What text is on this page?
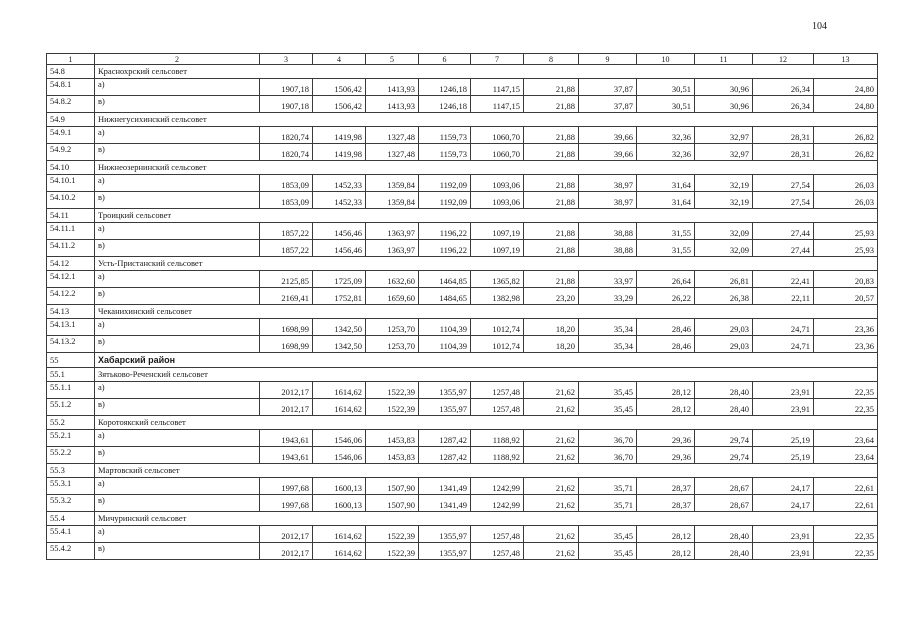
104
1	2	3	4	5	6	7	8	9	10	11	12	13
54.8	Краснохрский сельсовет											
54.8.1	а)	1907,18	1506,42	1413,93	1246,18	1147,15	21,88	37,87	30,51	30,96	26,34	24,80
54.8.2	в)	1907,18	1506,42	1413,93	1246,18	1147,15	21,88	37,87	30,51	30,96	26,34	24,80
54.9	Нижнегусихинский сельсовет											
54.9.1	а)	1820,74	1419,98	1327,48	1159,73	1060,70	21,88	39,66	32,36	32,97	28,31	26,82
54.9.2	в)	1820,74	1419,98	1327,48	1159,73	1060,70	21,88	39,66	32,36	32,97	28,31	26,82
54.10	Нижнеозернинский сельсовет											
54.10.1	а)	1853,09	1452,33	1359,84	1192,09	1093,06	21,88	38,97	31,64	32,19	27,54	26,03
54.10.2	в)	1853,09	1452,33	1359,84	1192,09	1093,06	21,88	38,97	31,64	32,19	27,54	26,03
54.11	Троицкий сельсовет											
54.11.1	а)	1857,22	1456,46	1363,97	1196,22	1097,19	21,88	38,88	31,55	32,09	27,44	25,93
54.11.2	в)	1857,22	1456,46	1363,97	1196,22	1097,19	21,88	38,88	31,55	32,09	27,44	25,93
54.12	Усть-Пристанский сельсовет											
54.12.1	а)	2125,85	1725,09	1632,60	1464,85	1365,82	21,88	33,97	26,64	26,81	22,41	20,83
54.12.2	в)	2169,41	1752,81	1659,60	1484,65	1382,98	23,20	33,29	26,22	26,38	22,11	20,57
54.13	Чеканихинский сельсовет											
54.13.1	а)	1698,99	1342,50	1253,70	1104,39	1012,74	18,20	35,34	28,46	29,03	24,71	23,36
54.13.2	в)	1698,99	1342,50	1253,70	1104,39	1012,74	18,20	35,34	28,46	29,03	24,71	23,36
55	Хабарский район											
55.1	Зятьково-Реченский сельсовет											
55.1.1	а)	2012,17	1614,62	1522,39	1355,97	1257,48	21,62	35,45	28,12	28,40	23,91	22,35
55.1.2	в)	2012,17	1614,62	1522,39	1355,97	1257,48	21,62	35,45	28,12	28,40	23,91	22,35
55.2	Коротоякский сельсовет											
55.2.1	а)	1943,61	1546,06	1453,83	1287,42	1188,92	21,62	36,70	29,36	29,74	25,19	23,64
55.2.2	в)	1943,61	1546,06	1453,83	1287,42	1188,92	21,62	36,70	29,36	29,74	25,19	23,64
55.3	Мартовский сельсовет											
55.3.1	а)	1997,68	1600,13	1507,90	1341,49	1242,99	21,62	35,71	28,37	28,67	24,17	22,61
55.3.2	в)	1997,68	1600,13	1507,90	1341,49	1242,99	21,62	35,71	28,37	28,67	24,17	22,61
55.4	Мичуринский сельсовет											
55.4.1	а)	2012,17	1614,62	1522,39	1355,97	1257,48	21,62	35,45	28,12	28,40	23,91	22,35
55.4.2	в)	2012,17	1614,62	1522,39	1355,97	1257,48	21,62	35,45	28,12	28,40	23,91	22,35
